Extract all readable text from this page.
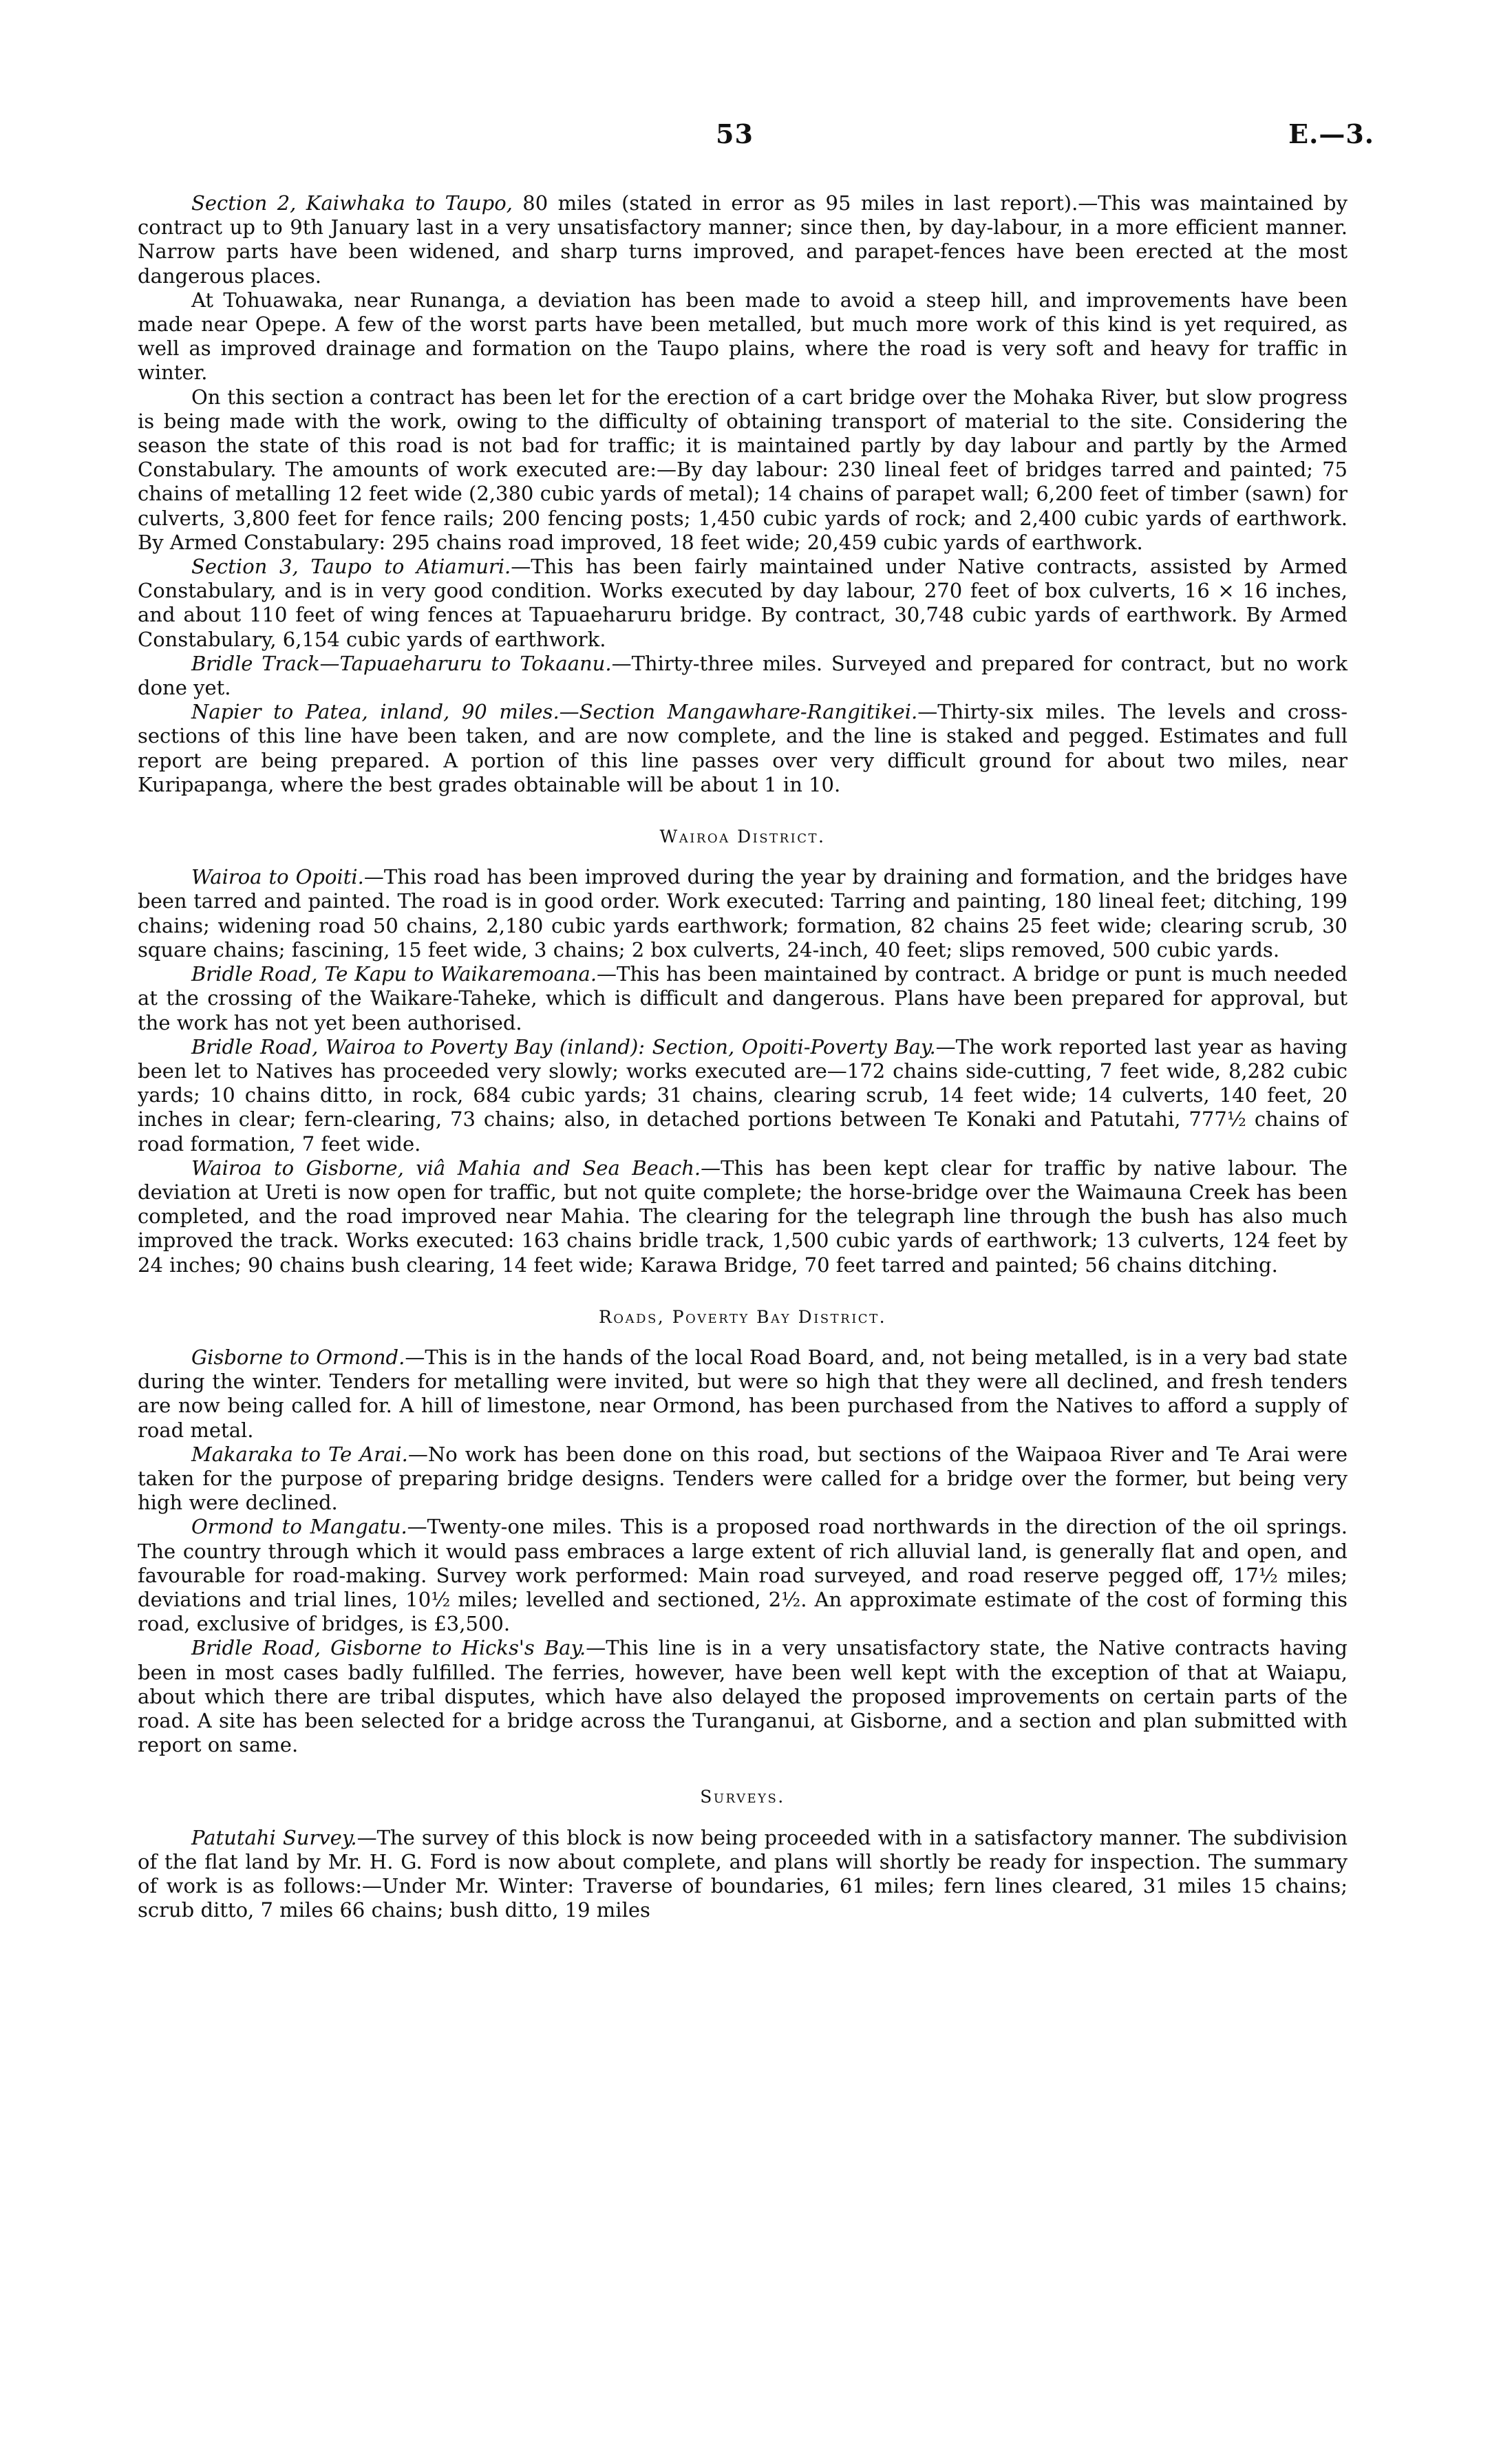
53	E.—3.

Section 2, Kaiwhaka to Taupo, 80 miles (stated in error as 95 miles in last report).—This was maintained by contract up to 9th January last in a very unsatisfactory manner; since then, by day-labour, in a more efficient manner. Narrow parts have been widened, and sharp turns improved, and parapet-fences have been erected at the most dangerous places.

At Tohuawaka, near Runanga, a deviation has been made to avoid a steep hill, and improvements have been made near Opepe. A few of the worst parts have been metalled, but much more work of this kind is yet required, as well as improved drainage and formation on the Taupo plains, where the road is very soft and heavy for traffic in winter.

On this section a contract has been let for the erection of a cart bridge over the Mohaka River, but slow progress is being made with the work, owing to the difficulty of obtaining transport of material to the site. Considering the season the state of this road is not bad for traffic; it is maintained partly by day labour and partly by the Armed Constabulary. The amounts of work executed are:—By day labour: 230 lineal feet of bridges tarred and painted; 75 chains of metalling 12 feet wide (2,380 cubic yards of metal); 14 chains of parapet wall; 6,200 feet of timber (sawn) for culverts, 3,800 feet for fence rails; 200 fencing posts; 1,450 cubic yards of rock; and 2,400 cubic yards of earthwork. By Armed Constabulary: 295 chains road improved, 18 feet wide; 20,459 cubic yards of earthwork.

Section 3, Taupo to Atiamuri.—This has been fairly maintained under Native contracts, assisted by Armed Constabulary, and is in very good condition. Works executed by day labour, 270 feet of box culverts, 16 × 16 inches, and about 110 feet of wing fences at Tapuaeharuru bridge. By contract, 30,748 cubic yards of earthwork. By Armed Constabulary, 6,154 cubic yards of earthwork.

Bridle Track—Tapuaeharuru to Tokaanu.—Thirty-three miles. Surveyed and prepared for contract, but no work done yet.

Napier to Patea, inland, 90 miles.—Section Mangawhare-Rangitikei.—Thirty-six miles. The levels and cross-sections of this line have been taken, and are now complete, and the line is staked and pegged. Estimates and full report are being prepared. A portion of this line passes over very difficult ground for about two miles, near Kuripapanga, where the best grades obtainable will be about 1 in 10.

Wairoa District.

Wairoa to Opoiti.—This road has been improved during the year by draining and formation, and the bridges have been tarred and painted. The road is in good order. Work executed: Tarring and painting, 180 lineal feet; ditching, 199 chains; widening road 50 chains, 2,180 cubic yards earthwork; formation, 82 chains 25 feet wide; clearing scrub, 30 square chains; fascining, 15 feet wide, 3 chains; 2 box culverts, 24-inch, 40 feet; slips removed, 500 cubic yards.

Bridle Road, Te Kapu to Waikaremoana.—This has been maintained by contract. A bridge or punt is much needed at the crossing of the Waikare-Taheke, which is difficult and dangerous. Plans have been prepared for approval, but the work has not yet been authorised.

Bridle Road, Wairoa to Poverty Bay (inland): Section, Opoiti-Poverty Bay.—The work reported last year as having been let to Natives has proceeded very slowly; works executed are—172 chains side-cutting, 7 feet wide, 8,282 cubic yards; 10 chains ditto, in rock, 684 cubic yards; 31 chains, clearing scrub, 14 feet wide; 14 culverts, 140 feet, 20 inches in clear; fern-clearing, 73 chains; also, in detached portions between Te Konaki and Patutahi, 777½ chains of road formation, 7 feet wide.

Wairoa to Gisborne, viâ Mahia and Sea Beach.—This has been kept clear for traffic by native labour. The deviation at Ureti is now open for traffic, but not quite complete; the horse-bridge over the Waimauna Creek has been completed, and the road improved near Mahia. The clearing for the telegraph line through the bush has also much improved the track. Works executed: 163 chains bridle track, 1,500 cubic yards of earthwork; 13 culverts, 124 feet by 24 inches; 90 chains bush clearing, 14 feet wide; Karawa Bridge, 70 feet tarred and painted; 56 chains ditching.

Roads, Poverty Bay District.

Gisborne to Ormond.—This is in the hands of the local Road Board, and, not being metalled, is in a very bad state during the winter. Tenders for metalling were invited, but were so high that they were all declined, and fresh tenders are now being called for. A hill of limestone, near Ormond, has been purchased from the Natives to afford a supply of road metal.

Makaraka to Te Arai.—No work has been done on this road, but sections of the Waipaoa River and Te Arai were taken for the purpose of preparing bridge designs. Tenders were called for a bridge over the former, but being very high were declined.

Ormond to Mangatu.—Twenty-one miles. This is a proposed road northwards in the direction of the oil springs. The country through which it would pass embraces a large extent of rich alluvial land, is generally flat and open, and favourable for road-making. Survey work performed: Main road surveyed, and road reserve pegged off, 17½ miles; deviations and trial lines, 10½ miles; levelled and sectioned, 2½. An approximate estimate of the cost of forming this road, exclusive of bridges, is £3,500.

Bridle Road, Gisborne to Hicks's Bay.—This line is in a very unsatisfactory state, the Native contracts having been in most cases badly fulfilled. The ferries, however, have been well kept with the exception of that at Waiapu, about which there are tribal disputes, which have also delayed the proposed improvements on certain parts of the road. A site has been selected for a bridge across the Turanganui, at Gisborne, and a section and plan submitted with report on same.

Surveys.

Patutahi Survey.—The survey of this block is now being proceeded with in a satisfactory manner. The subdivision of the flat land by Mr. H. G. Ford is now about complete, and plans will shortly be ready for inspection. The summary of work is as follows:—Under Mr. Winter: Traverse of boundaries, 61 miles; fern lines cleared, 31 miles 15 chains; scrub ditto, 7 miles 66 chains; bush ditto, 19 miles
